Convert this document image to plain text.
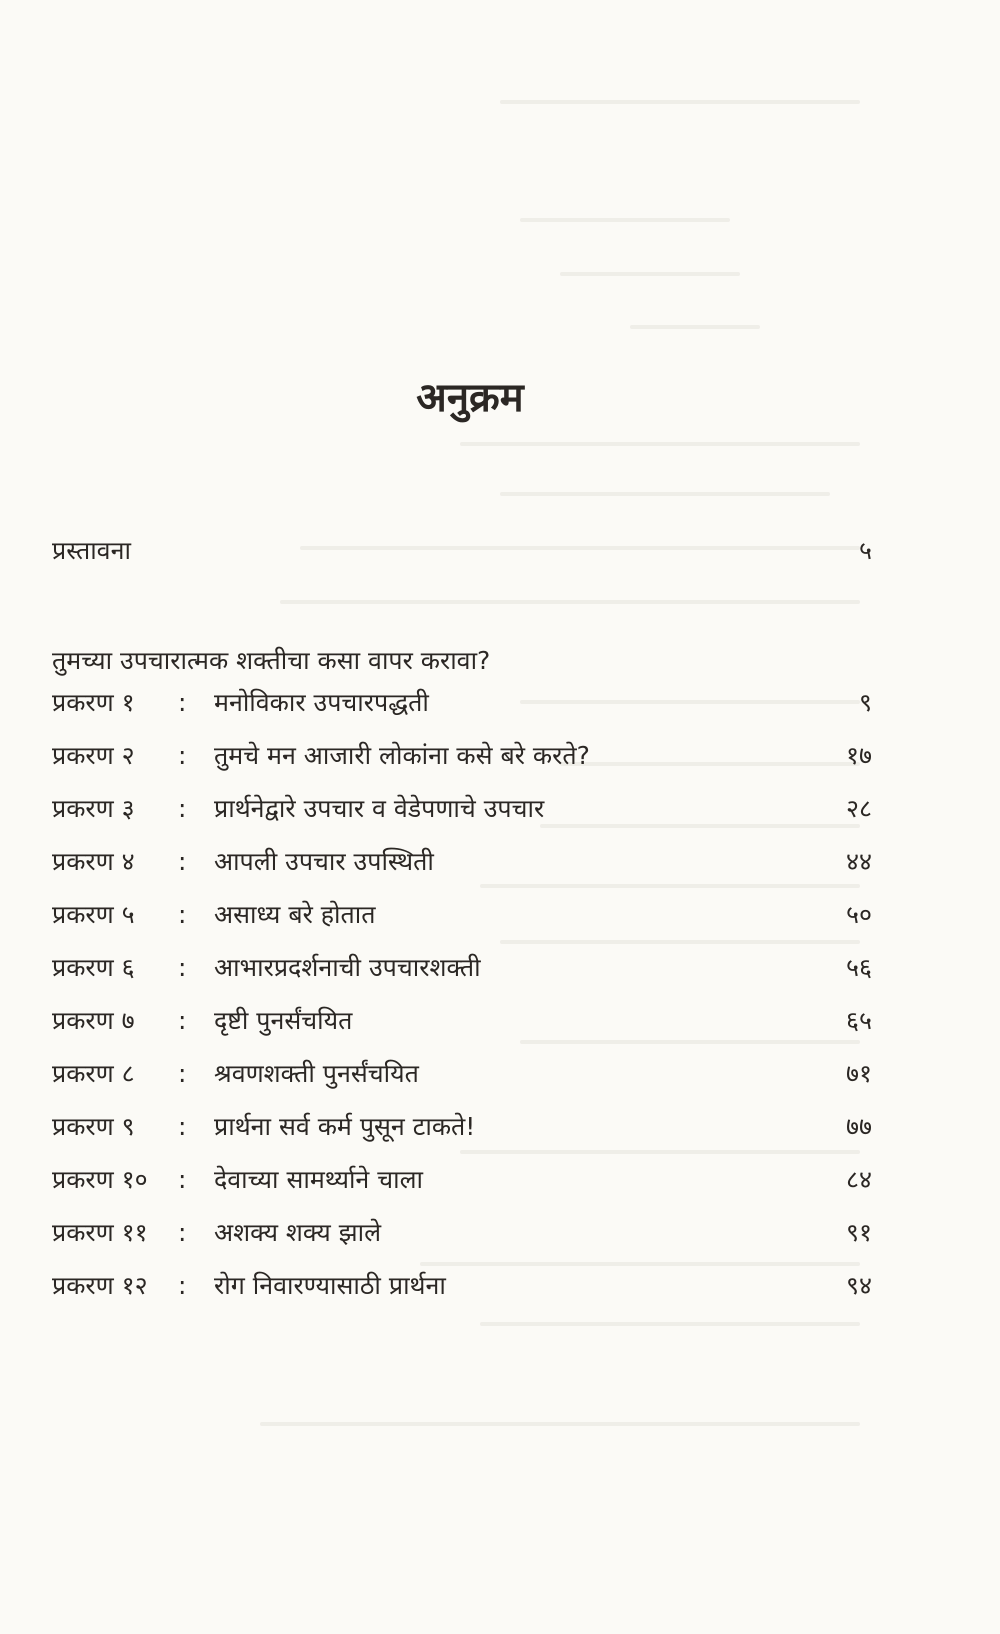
अनुक्रम
प्रस्तावना	५
तुमच्या उपचारात्मक शक्तीचा कसा वापर करावा?
प्रकरण १ : मनोविकार उपचारपद्धती	९
प्रकरण २ : तुमचे मन आजारी लोकांना कसे बरे करते?	१७
प्रकरण ३ : प्रार्थनेद्वारे उपचार व वेडेपणाचे उपचार	२८
प्रकरण ४ : आपली उपचार उपस्थिती	४४
प्रकरण ५ : असाध्य बरे होतात	५०
प्रकरण ६ : आभारप्रदर्शनाची उपचारशक्ती	५६
प्रकरण ७ : दृष्टी पुनर्संचयित	६५
प्रकरण ८ : श्रवणशक्ती पुनर्संचयित	७१
प्रकरण ९ : प्रार्थना सर्व कर्म पुसून टाकते!	७७
प्रकरण १० : देवाच्या सामर्थ्याने चाला	८४
प्रकरण ११ : अशक्य शक्य झाले	९१
प्रकरण १२ : रोग निवारण्यासाठी प्रार्थना	९४
